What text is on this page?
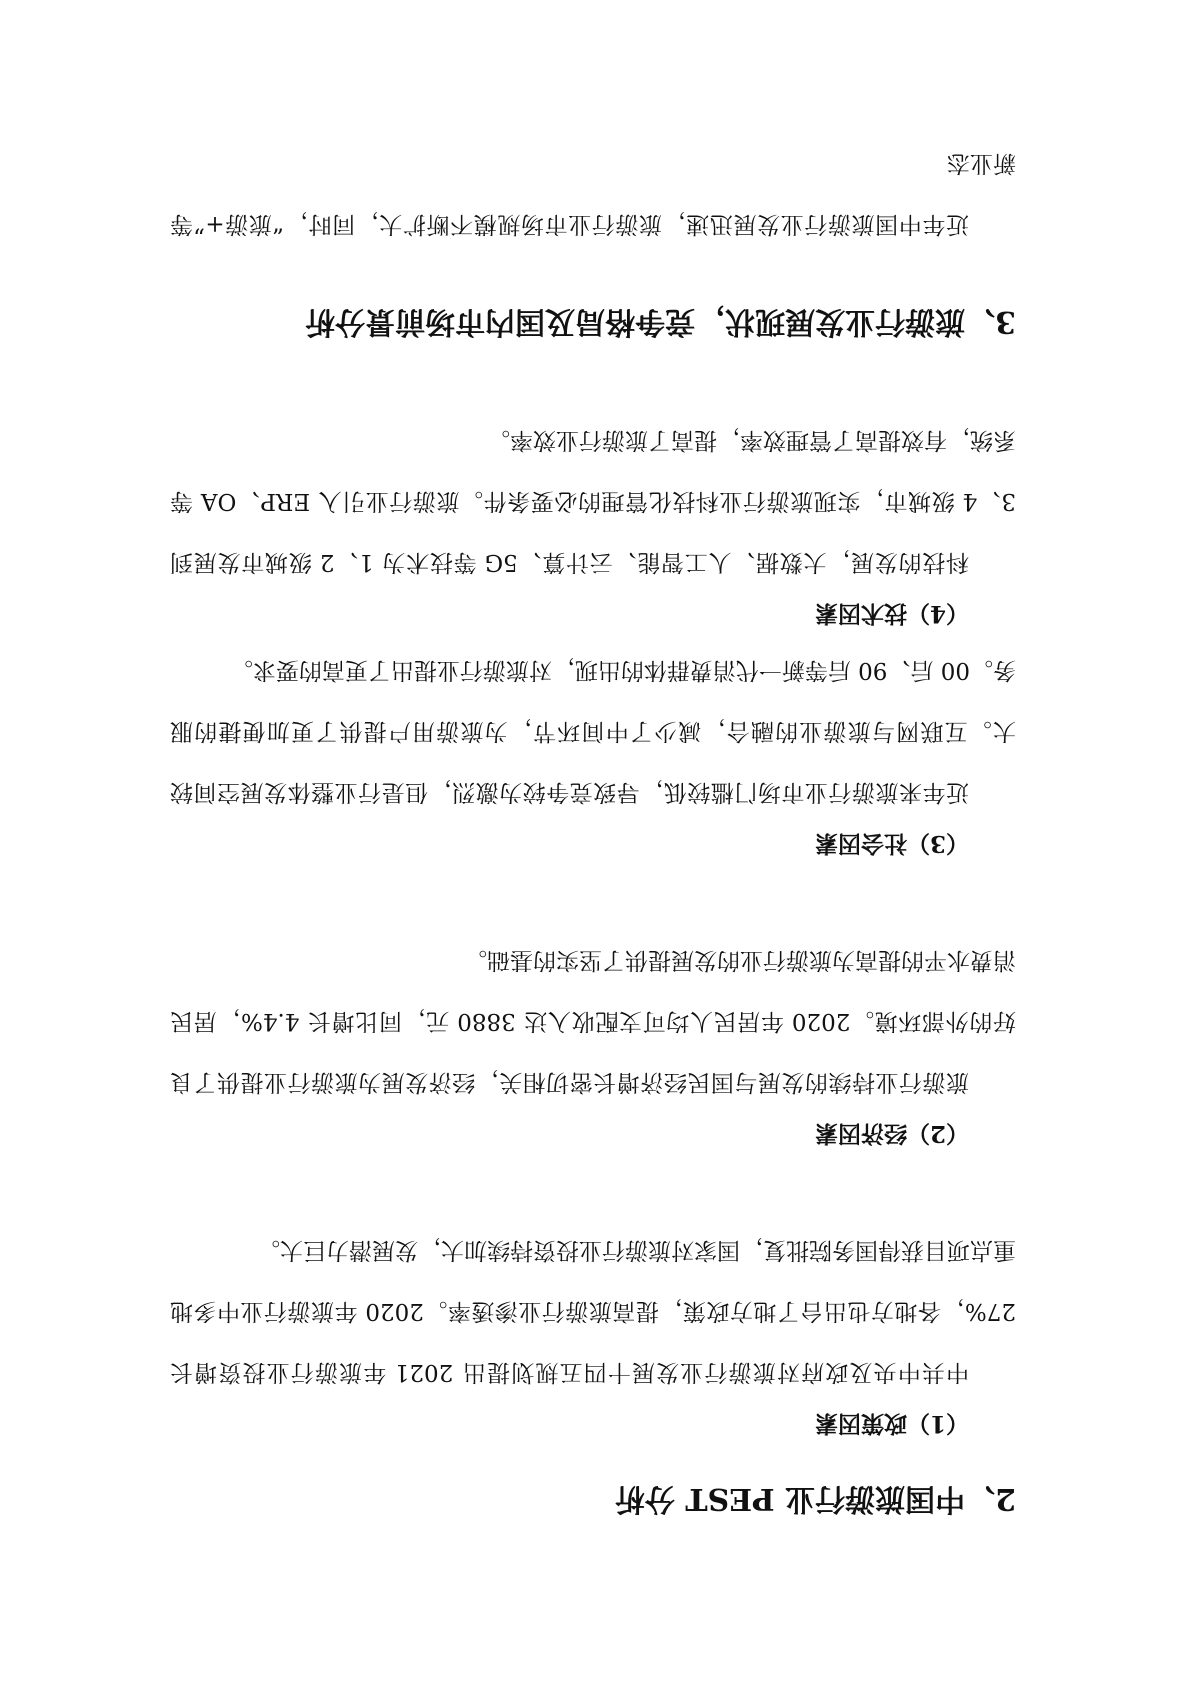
2、中国旅游行业 PEST 分析

（1）政策因素

中共中央及政府对旅游行业发展十四五规划提出 2021 年旅游行业投资增长 27%，各地方也出台了地方政策，提高旅游行业渗透率。2020 年旅游行业中多地重点项目获得国务院批复，国家对旅游行业投资持续加大，发展潜力巨大。

（2）经济因素

旅游行业持续的发展与国民经济增长密切相关，经济发展为旅游行业提供了良好的外部环境。2020 年居民人均可支配收入达 3880 元，同比增长 4.4%，居民消费水平的提高为旅游行业的发展提供了坚实的基础。

（3）社会因素

近年来旅游行业市场门槛较低，导致竞争较为激烈，但是行业整体发展空间较大。互联网与旅游业的融合，减少了中间环节，为旅游用户提供了更加便捷的服务。00 后、90 后等新一代消费群体的出现，对旅游行业提出了更高的要求。

（4）技术因素

科技的发展，大数据、人工智能、云计算、5G 等技术为 1、2 级城市发展到 3、4 级城市，实现旅游行业科技化管理的必要条件。旅游行业引入 ERP、OA 等系统，有效提高了管理效率，提高了旅游行业效率。

3、旅游行业发展现状，竞争格局及国内市场前景分析

近年中国旅游行业发展迅速，旅游行业市场规模不断扩大，同时，“旅游+”等新业态
